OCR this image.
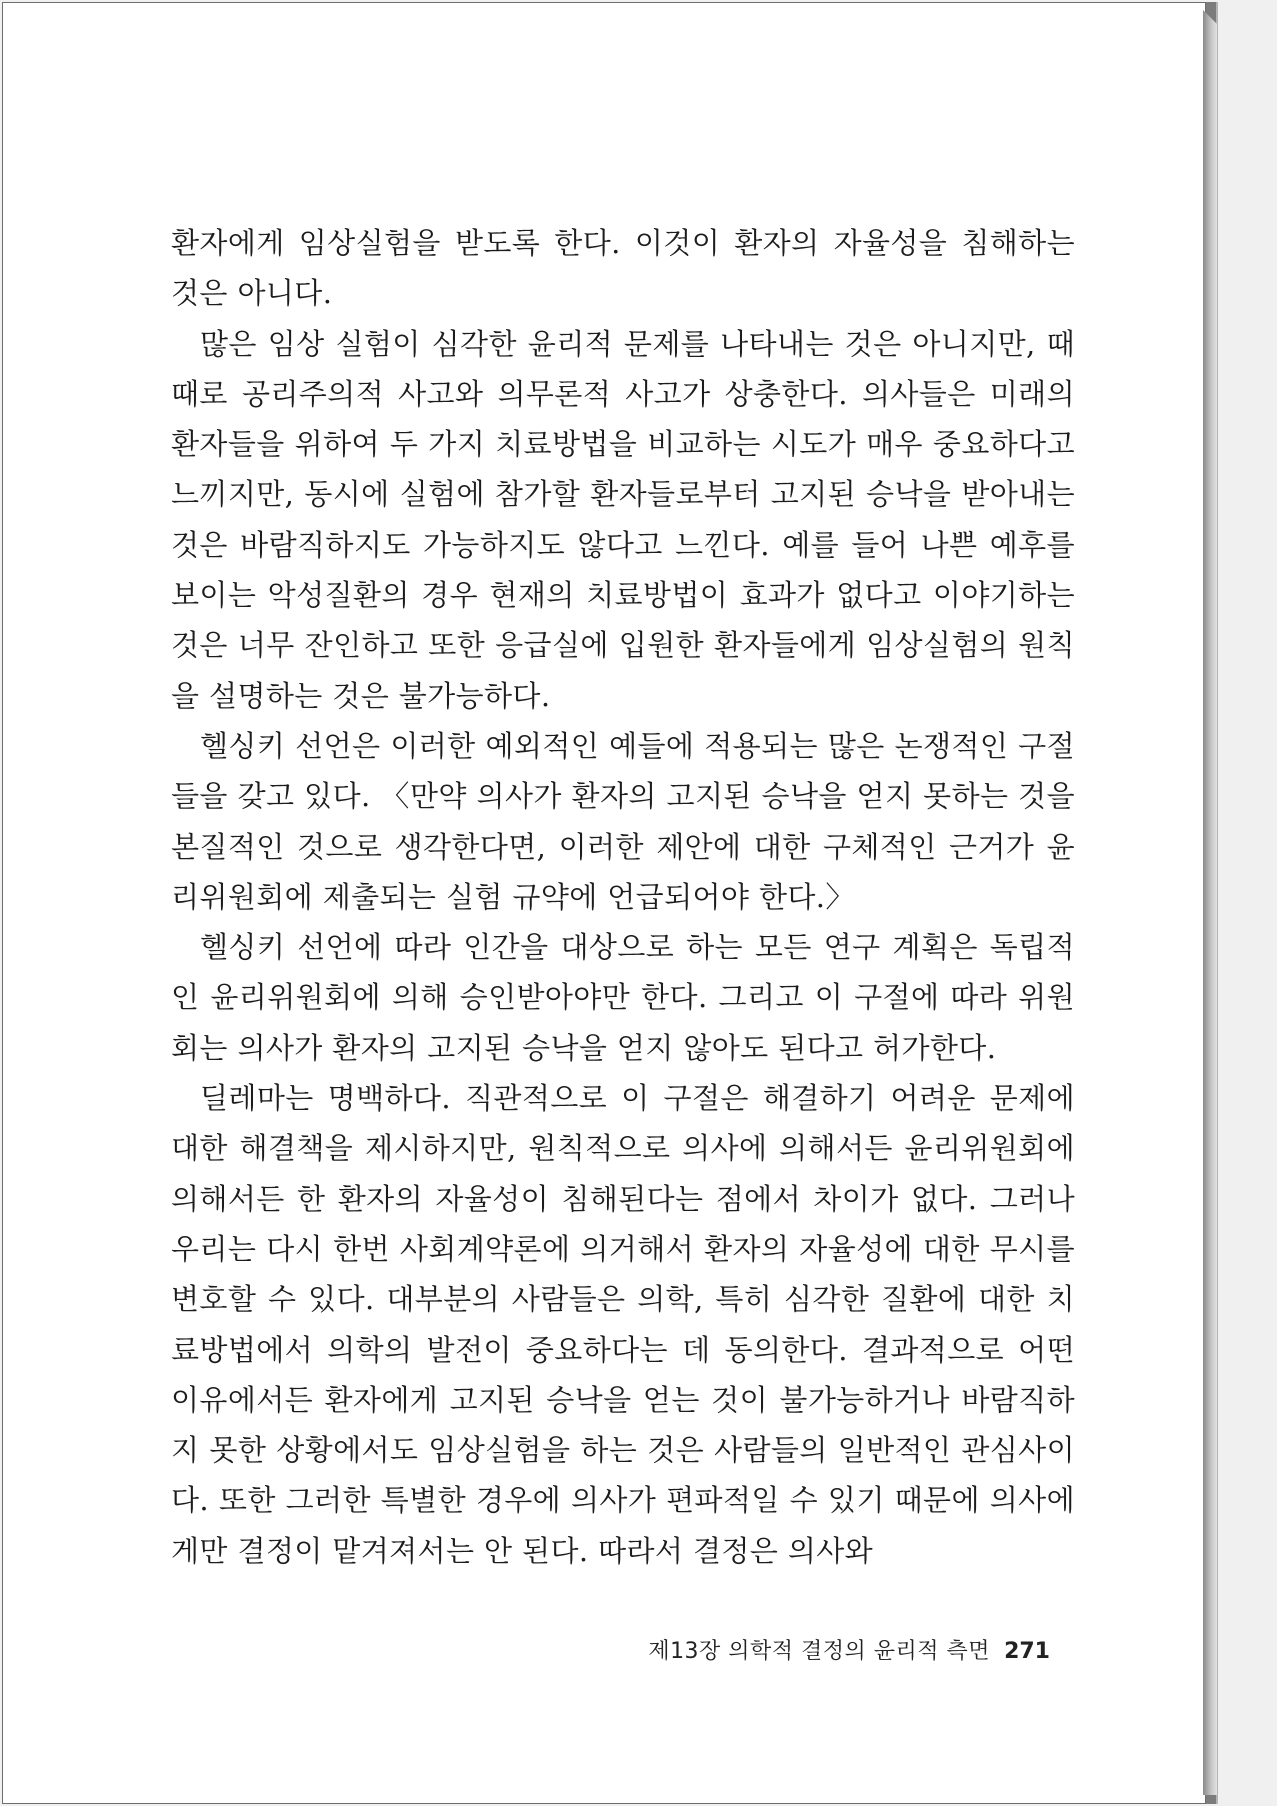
환자에게 임상실험을 받도록 한다. 이것이 환자의 자율성을 침해하는 것은 아니다.

많은 임상 실험이 심각한 윤리적 문제를 나타내는 것은 아니지만, 때때로 공리주의적 사고와 의무론적 사고가 상충한다. 의사들은 미래의 환자들을 위하여 두 가지 치료방법을 비교하는 시도가 매우 중요하다고 느끼지만, 동시에 실험에 참가할 환자들로부터 고지된 승낙을 받아내는 것은 바람직하지도 가능하지도 않다고 느낀다. 예를 들어 나쁜 예후를 보이는 악성질환의 경우 현재의 치료방법이 효과가 없다고 이야기하는 것은 너무 잔인하고 또한 응급실에 입원한 환자들에게 임상실험의 원칙을 설명하는 것은 불가능하다.

헬싱키 선언은 이러한 예외적인 예들에 적용되는 많은 논쟁적인 구절들을 갖고 있다. 〈만약 의사가 환자의 고지된 승낙을 얻지 못하는 것을 본질적인 것으로 생각한다면, 이러한 제안에 대한 구체적인 근거가 윤리위원회에 제출되는 실험 규약에 언급되어야 한다.〉

헬싱키 선언에 따라 인간을 대상으로 하는 모든 연구 계획은 독립적인 윤리위원회에 의해 승인받아야만 한다. 그리고 이 구절에 따라 위원회는 의사가 환자의 고지된 승낙을 얻지 않아도 된다고 허가한다.

딜레마는 명백하다. 직관적으로 이 구절은 해결하기 어려운 문제에 대한 해결책을 제시하지만, 원칙적으로 의사에 의해서든 윤리위원회에 의해서든 한 환자의 자율성이 침해된다는 점에서 차이가 없다. 그러나 우리는 다시 한번 사회계약론에 의거해서 환자의 자율성에 대한 무시를 변호할 수 있다. 대부분의 사람들은 의학, 특히 심각한 질환에 대한 치료방법에서 의학의 발전이 중요하다는 데 동의한다. 결과적으로 어떤 이유에서든 환자에게 고지된 승낙을 얻는 것이 불가능하거나 바람직하지 못한 상황에서도 임상실험을 하는 것은 사람들의 일반적인 관심사이다. 또한 그러한 특별한 경우에 의사가 편파적일 수 있기 때문에 의사에게만 결정이 맡겨져서는 안 된다. 따라서 결정은 의사와

제13장 의학적 결정의 윤리적 측면 271
